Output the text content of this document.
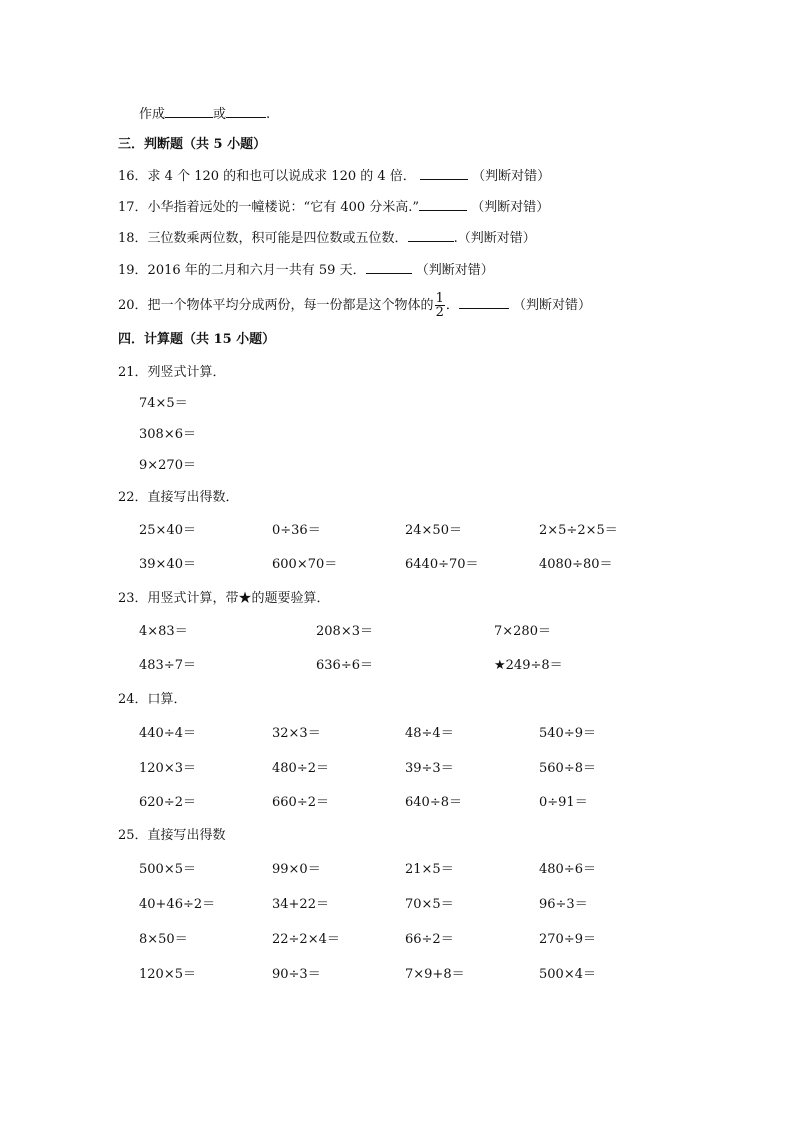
作成	或	.
三．判断题（共 5 小题）
16．求 4 个 120 的和也可以说成求 120 的 4 倍．	（判断对错）
17．小华指着远处的一幢楼说：“它有 400 分米高.”	（判断对错）
18．三位数乘两位数，积可能是四位数或五位数．	.（判断对错）
19．2016 年的二月和六月一共有 59 天．	（判断对错）
20．把一个物体平均分成两份，每一份都是这个物体的 $\frac{1}{2}$ ．	（判断对错）
四．计算题（共 15 小题）
21．列竖式计算．
74×5＝
308×6＝
9×270＝
22．直接写出得数．
25×40＝	0÷36＝	24×50＝	2×5÷2×5＝
39×40＝	600×70＝	6440÷70＝	4080÷80＝
23．用竖式计算，带★的题要验算．
4×83＝	208×3＝	7×280＝
483÷7＝	636÷6＝	★249÷8＝
24．口算．
440÷4＝	32×3＝	48÷4＝	540÷9＝
120×3＝	480÷2＝	39÷3＝	560÷8＝
620÷2＝	660÷2＝	640÷8＝	0÷91＝
25．直接写出得数
500×5＝	99×0＝	21×5＝	480÷6＝
40+46÷2＝	34+22＝	70×5＝	96÷3＝
8×50＝	22÷2×4＝	66÷2＝	270÷9＝
120×5＝	90÷3＝	7×9+8＝	500×4＝
